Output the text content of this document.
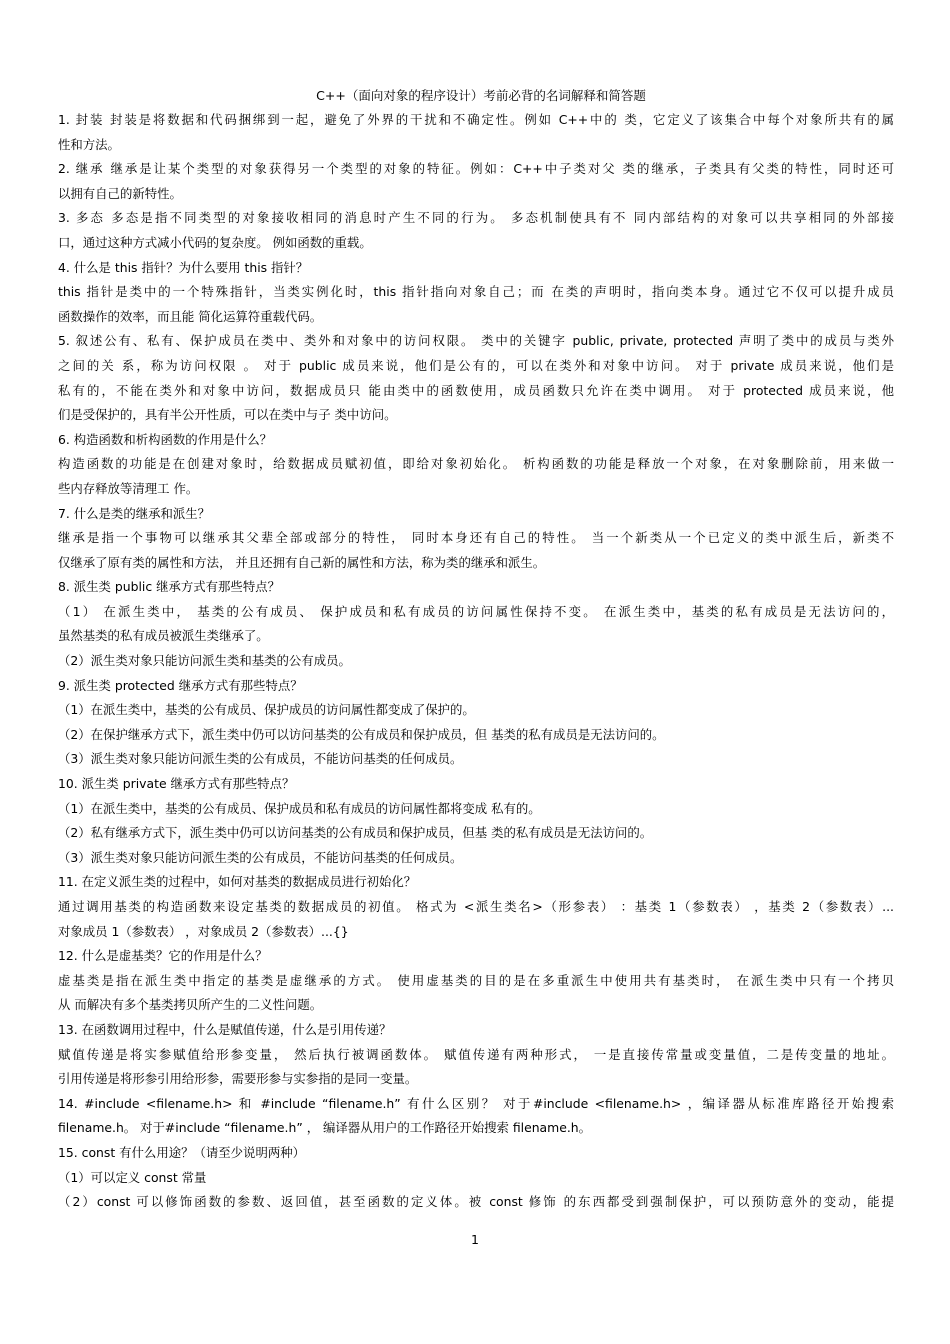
C++（面向对象的程序设计）考前必背的名词解释和简答题
1. 封装 封装是将数据和代码捆绑到一起，避免了外界的干扰和不确定性。例如 C++中的 类，它定义了该集合中每个对象所共有的属
性和方法。
2. 继承 继承是让某个类型的对象获得另一个类型的对象的特征。例如：C++中子类对父 类的继承，子类具有父类的特性，同时还可
以拥有自己的新特性。
3. 多态 多态是指不同类型的对象接收相同的消息时产生不同的行为。 多态机制使具有不 同内部结构的对象可以共享相同的外部接
口，通过这种方式减小代码的复杂度。 例如函数的重载。
4. 什么是 this 指针？为什么要用 this 指针？
this 指针是类中的一个特殊指针，当类实例化时，this 指针指向对象自己；而 在类的声明时，指向类本身。通过它不仅可以提升成员
函数操作的效率，而且能 简化运算符重载代码。
5. 叙述公有、私有、保护成员在类中、类外和对象中的访问权限。 类中的关键字 public, private, protected 声明了类中的成员与类外
之间的关 系，称为访问权限 。 对于 public 成员来说，他们是公有的，可以在类外和对象中访问。 对于 private 成员来说，他们是
私有的，不能在类外和对象中访问，数据成员只 能由类中的函数使用，成员函数只允许在类中调用。 对于 protected 成员来说，他
们是受保护的，具有半公开性质，可以在类中与子 类中访问。
6. 构造函数和析构函数的作用是什么？
构造函数的功能是在创建对象时，给数据成员赋初值，即给对象初始化。 析构函数的功能是释放一个对象，在对象删除前，用来做一
些内存释放等清理工 作。
7. 什么是类的继承和派生？
继承是指一个事物可以继承其父辈全部或部分的特性， 同时本身还有自己的特性。 当一个新类从一个已定义的类中派生后，新类不
仅继承了原有类的属性和方法， 并且还拥有自己新的属性和方法，称为类的继承和派生。
8. 派生类 public 继承方式有那些特点？
（1） 在派生类中， 基类的公有成员、 保护成员和私有成员的访问属性保持不变。 在派生类中，基类的私有成员是无法访问的，
虽然基类的私有成员被派生类继承了。
（2）派生类对象只能访问派生类和基类的公有成员。
9. 派生类 protected 继承方式有那些特点？
（1）在派生类中，基类的公有成员、保护成员的访问属性都变成了保护的。
（2）在保护继承方式下，派生类中仍可以访问基类的公有成员和保护成员，但 基类的私有成员是无法访问的。
（3）派生类对象只能访问派生类的公有成员，不能访问基类的任何成员。
10. 派生类 private 继承方式有那些特点？
（1）在派生类中，基类的公有成员、保护成员和私有成员的访问属性都将变成 私有的。
（2）私有继承方式下，派生类中仍可以访问基类的公有成员和保护成员，但基 类的私有成员是无法访问的。
（3）派生类对象只能访问派生类的公有成员，不能访问基类的任何成员。
11. 在定义派生类的过程中，如何对基类的数据成员进行初始化？
通过调用基类的构造函数来设定基类的数据成员的初值。 格式为 <派生类名>（形参表） ：基类 1（参数表） ，基类 2（参数表）...
对象成员 1（参数表） ，对象成员 2（参数表）...{}
12. 什么是虚基类？它的作用是什么？
虚基类是指在派生类中指定的基类是虚继承的方式。 使用虚基类的目的是在多重派生中使用共有基类时， 在派生类中只有一个拷贝
从 而解决有多个基类拷贝所产生的二义性问题。
13. 在函数调用过程中，什么是赋值传递，什么是引用传递？
赋值传递是将实参赋值给形参变量， 然后执行被调函数体。 赋值传递有两种形式， 一是直接传常量或变量值，二是传变量的地址。
引用传递是将形参引用给形参，需要形参与实参指的是同一变量。
14. #include <filename.h> 和 #include “filename.h” 有什么区别？ 对于#include <filename.h> ，编译器从标准库路径开始搜索
filename.h。 对于#include “filename.h” ， 编译器从用户的工作路径开始搜索 filename.h。
15. const 有什么用途？（请至少说明两种）
（1）可以定义 const 常量
（2）const 可以修饰函数的参数、返回值，甚至函数的定义体。被 const 修饰 的东西都受到强制保护，可以预防意外的变动，能提
1
